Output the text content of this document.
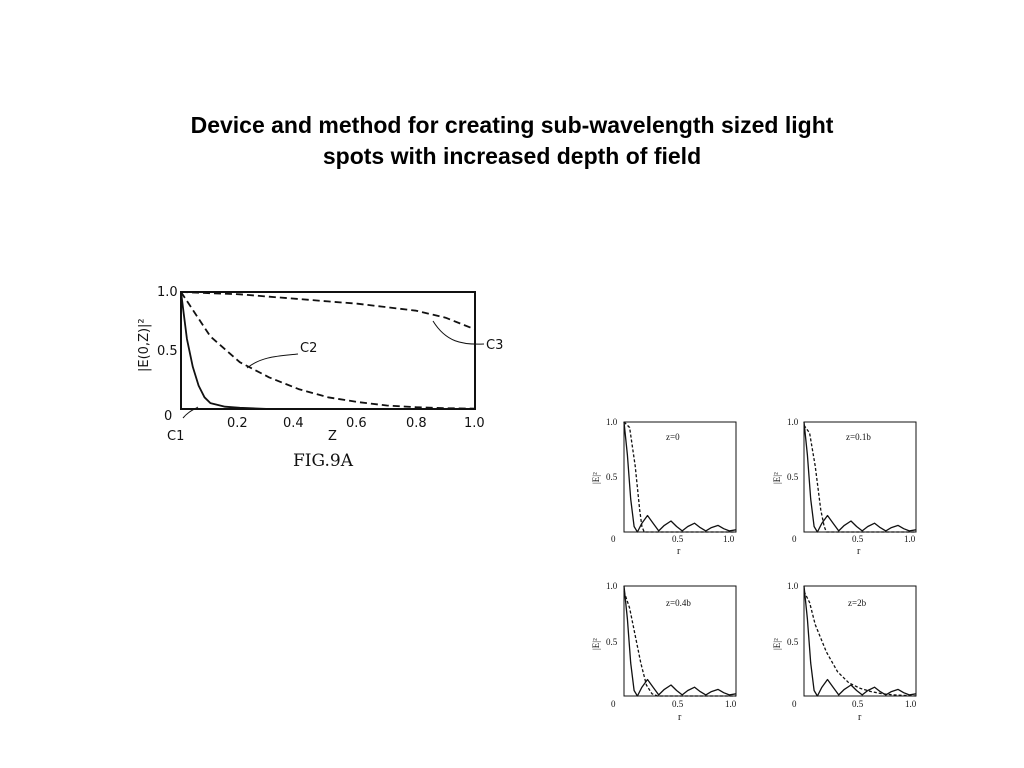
Device and method for creating sub-wavelength sized light
spots with increased depth of field
1.0
0.5
0	0.2	0.4	0.6	0.8	1.0
Z
|E(0,Z)|²
C1
C2	C3
FIG.9A
z=0
1.0
0.5
0	0.5	1.0
r
|E|²
z=0.1b
1.0
0.5
0	0.5	1.0
r
|E|²
z=0.4b
1.0
0.5
0	0.5	1.0
r
|E|²
z=2b
1.0
0.5
0	0.5	1.0
r
|E|²
